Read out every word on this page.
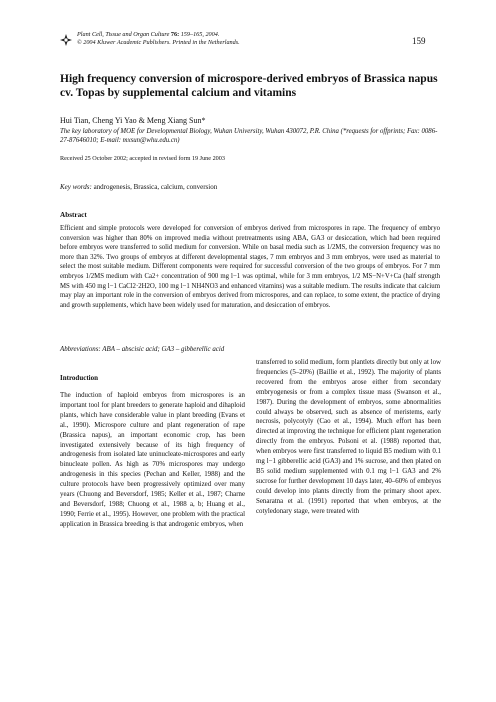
Plant Cell, Tissue and Organ Culture 76: 159–165, 2004.
© 2004 Kluwer Academic Publishers. Printed in the Netherlands.	159
High frequency conversion of microspore-derived embryos of Brassica napus cv. Topas by supplemental calcium and vitamins
Hui Tian, Cheng Yi Yao & Meng Xiang Sun*
The key laboratory of MOE for Developmental Biology, Wuhan University, Wuhan 430072, P.R. China (*requests for offprints; Fax: 0086-27-87646010; E-mail: mxsun@whu.edu.cn)
Received 25 October 2002; accepted in revised form 19 June 2003
Key words: androgenesis, Brassica, calcium, conversion
Abstract
Efficient and simple protocols were developed for conversion of embryos derived from microspores in rape. The frequency of embryo conversion was higher than 80% on improved media without pretreatments using ABA, GA3 or desiccation, which had been required before embryos were transferred to solid medium for conversion. While on basal media such as 1/2MS, the conversion frequency was no more than 32%. Two groups of embryos at different developmental stages, 7 mm embryos and 3 mm embryos, were used as material to select the most suitable medium. Different components were required for successful conversion of the two groups of embryos. For 7 mm embryos 1/2MS medium with Ca2+ concentration of 900 mg l−1 was optimal, while for 3 mm embryos, 1/2 MS−N+V+Ca (half strength MS with 450 mg l−1 CaCl2·2H2O, 100 mg l−1 NH4NO3 and enhanced vitamins) was a suitable medium. The results indicate that calcium may play an important role in the conversion of embryos derived from microspores, and can replace, to some extent, the practice of drying and growth supplements, which have been widely used for maturation, and desiccation of embryos.
Abbreviations: ABA – abscisic acid; GA3 – gibberellic acid
Introduction
The induction of haploid embryos from microspores is an important tool for plant breeders to generate haploid and dihaploid plants, which have considerable value in plant breeding (Evans et al., 1990). Microspore culture and plant regeneration of rape (Brassica napus), an important economic crop, has been investigated extensively because of its high frequency of androgenesis from isolated late uninucleate-microspores and early binucleate pollen. As high as 70% microspores may undergo androgenesis in this species (Pechan and Keller, 1988) and the culture protocols have been progressively optimized over many years (Chuong and Beversdorf, 1985; Keller et al., 1987; Charne and Beversdorf, 1988; Chuong et al., 1988 a, b; Huang et al., 1990; Ferrie et al., 1995). However, one problem with the practical application in Brassica breeding is that androgenic embryos, when
transferred to solid medium, form plantlets directly but only at low frequencies (5–20%) (Baillie et al., 1992). The majority of plants recovered from the embryos arose either from secondary embryogenesis or from a complex tissue mass (Swanson et al., 1987). During the development of embryos, some abnormalities could always be observed, such as absence of meristems, early necrosis, polycotyly (Cao et al., 1994). Much effort has been directed at improving the technique for efficient plant regeneration directly from the embryos. Polsoni et al. (1988) reported that, when embryos were first transferred to liquid B5 medium with 0.1 mg l−1 gibberellic acid (GA3) and 1% sucrose, and then plated on B5 solid medium supplemented with 0.1 mg l−1 GA3 and 2% sucrose for further development 10 days later, 40–60% of embryos could develop into plants directly from the primary shoot apex. Senaratna et al. (1991) reported that when embryos, at the cotyledonary stage, were treated with
